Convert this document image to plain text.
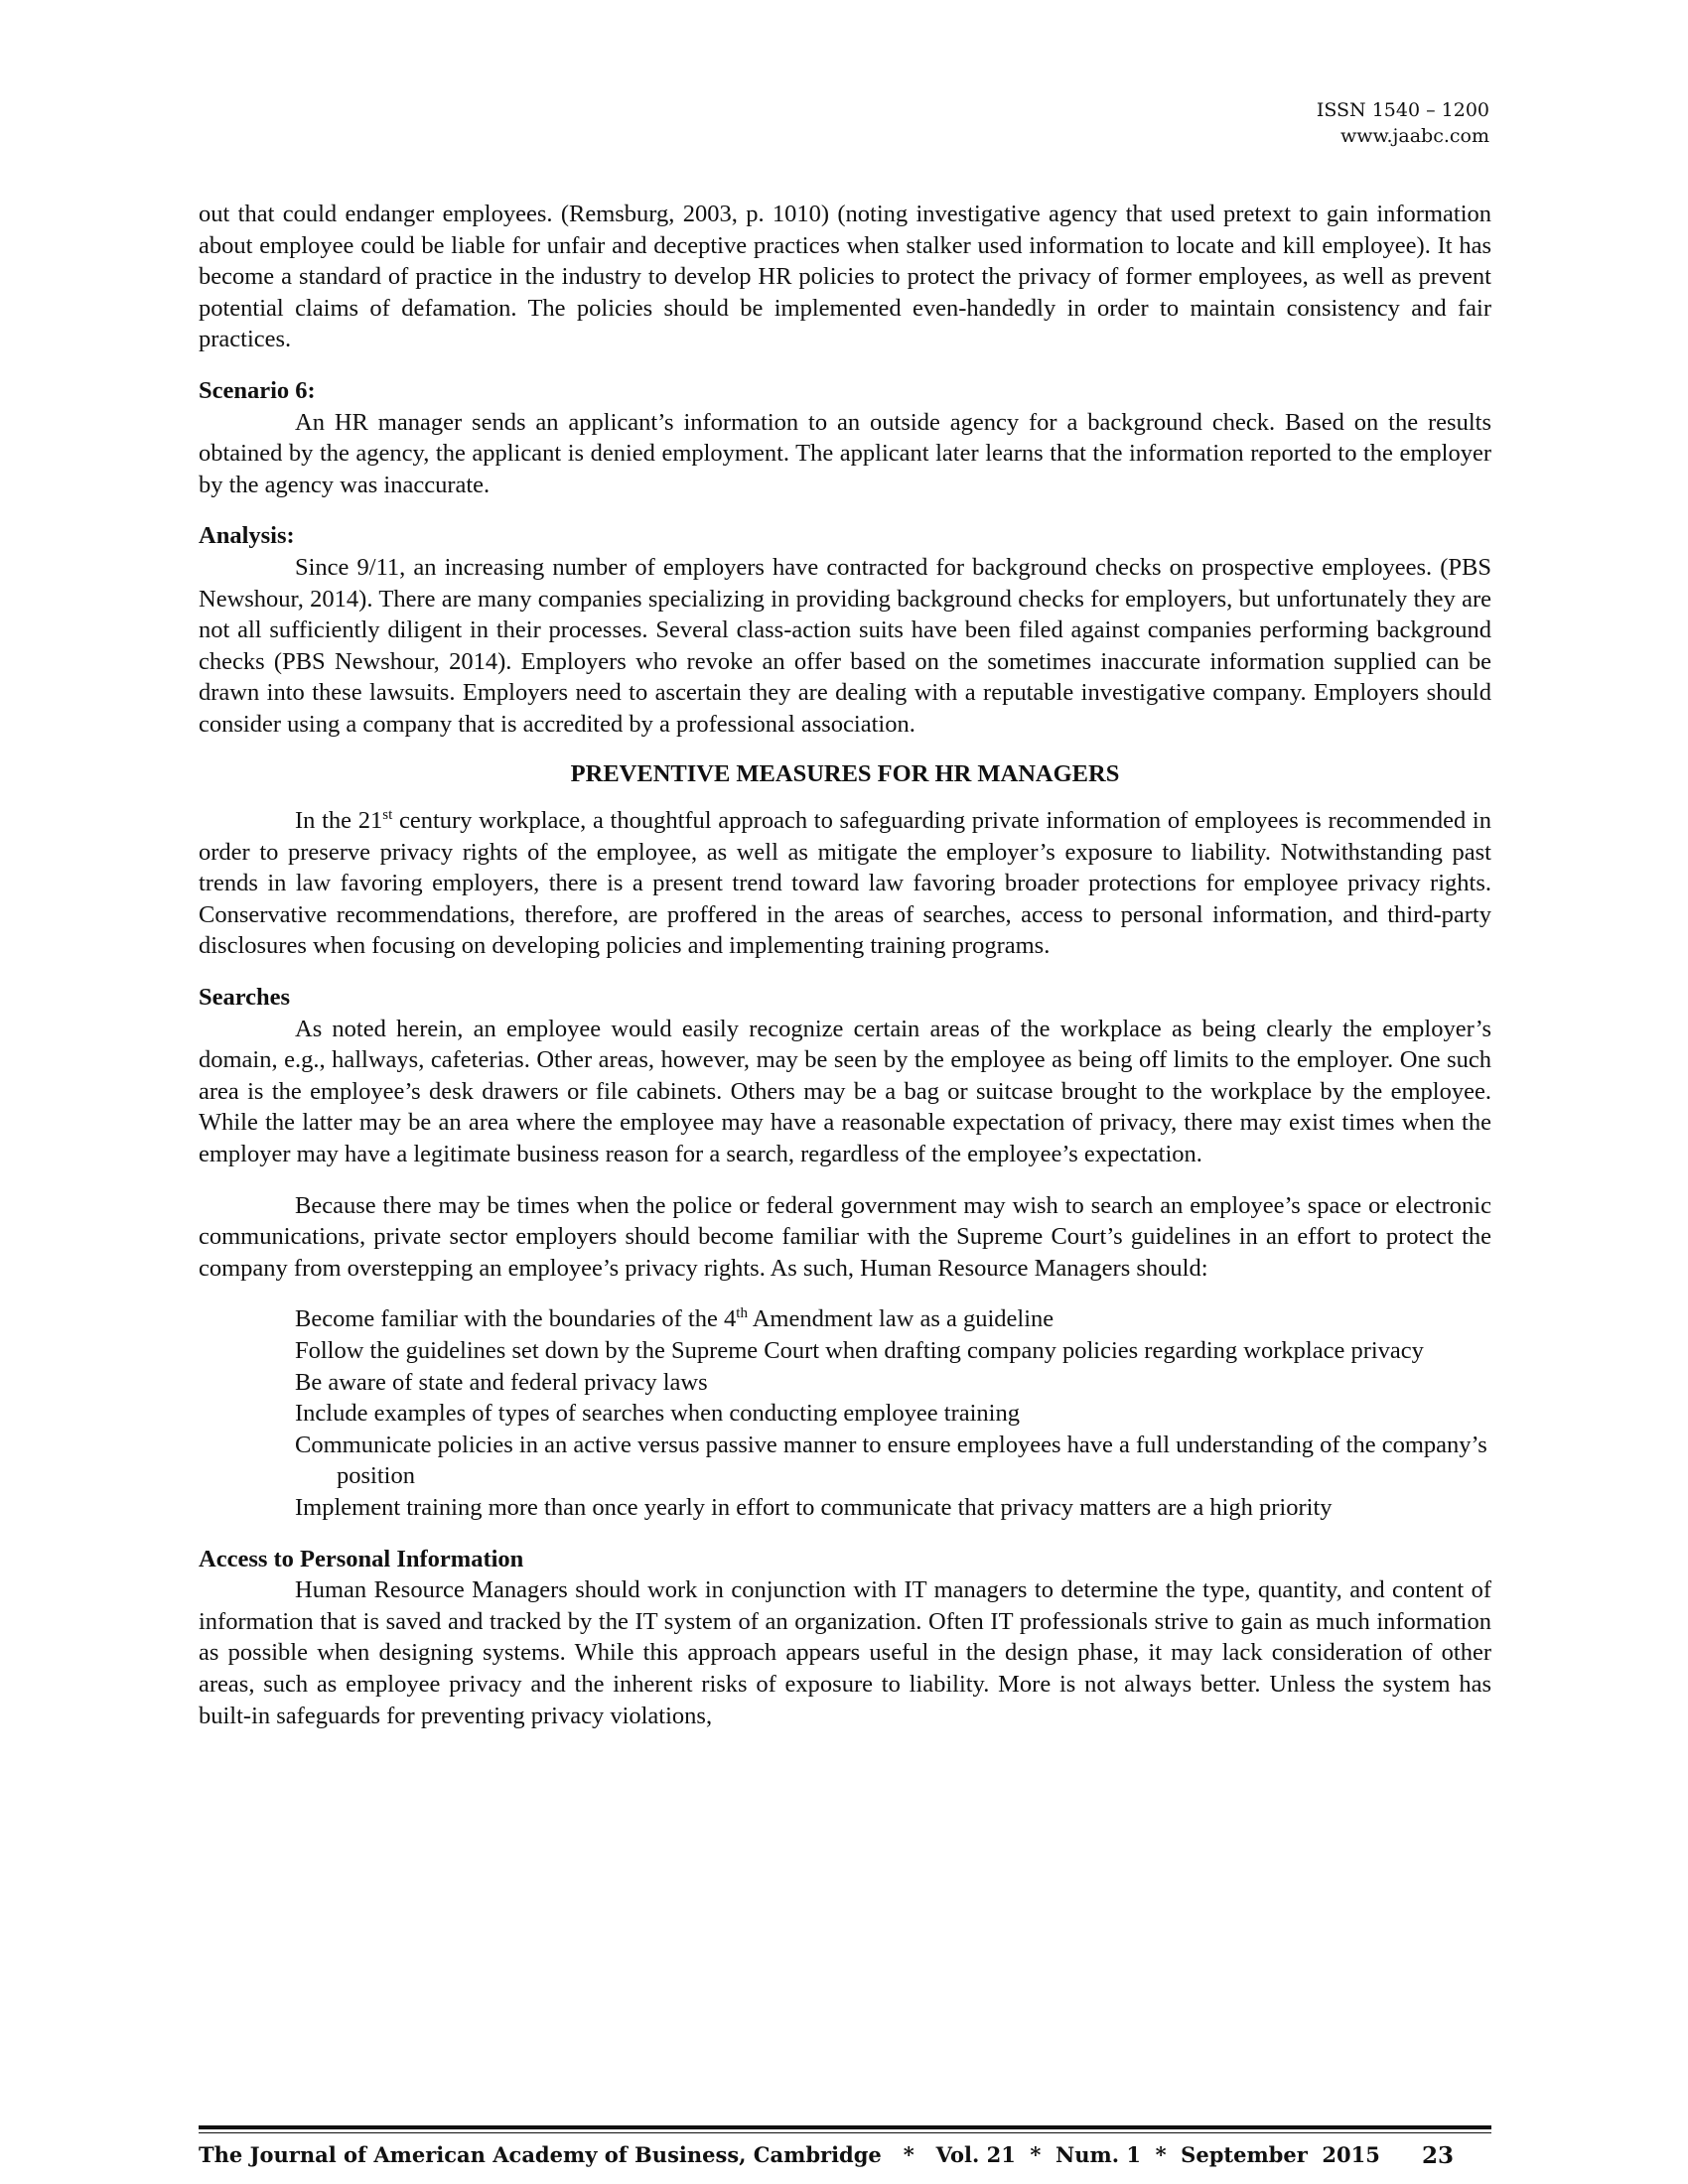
ISSN 1540 – 1200
www.jaabc.com

out that could endanger employees. (Remsburg, 2003, p. 1010) (noting investigative agency that used pretext to gain information about employee could be liable for unfair and deceptive practices when stalker used information to locate and kill employee). It has become a standard of practice in the industry to develop HR policies to protect the privacy of former employees, as well as prevent potential claims of defamation. The policies should be implemented even-handedly in order to maintain consistency and fair practices.

Scenario 6:

An HR manager sends an applicant’s information to an outside agency for a background check. Based on the results obtained by the agency, the applicant is denied employment. The applicant later learns that the information reported to the employer by the agency was inaccurate.

Analysis:

Since 9/11, an increasing number of employers have contracted for background checks on prospective employees. (PBS Newshour, 2014). There are many companies specializing in providing background checks for employers, but unfortunately they are not all sufficiently diligent in their processes. Several class-action suits have been filed against companies performing background checks (PBS Newshour, 2014). Employers who revoke an offer based on the sometimes inaccurate information supplied can be drawn into these lawsuits. Employers need to ascertain they are dealing with a reputable investigative company. Employers should consider using a company that is accredited by a professional association.

PREVENTIVE MEASURES FOR HR MANAGERS

In the 21st century workplace, a thoughtful approach to safeguarding private information of employees is recommended in order to preserve privacy rights of the employee, as well as mitigate the employer’s exposure to liability. Notwithstanding past trends in law favoring employers, there is a present trend toward law favoring broader protections for employee privacy rights. Conservative recommendations, therefore, are proffered in the areas of searches, access to personal information, and third-party disclosures when focusing on developing policies and implementing training programs.

Searches

As noted herein, an employee would easily recognize certain areas of the workplace as being clearly the employer’s domain, e.g., hallways, cafeterias. Other areas, however, may be seen by the employee as being off limits to the employer. One such area is the employee’s desk drawers or file cabinets. Others may be a bag or suitcase brought to the workplace by the employee. While the latter may be an area where the employee may have a reasonable expectation of privacy, there may exist times when the employer may have a legitimate business reason for a search, regardless of the employee’s expectation.

Because there may be times when the police or federal government may wish to search an employee’s space or electronic communications, private sector employers should become familiar with the Supreme Court’s guidelines in an effort to protect the company from overstepping an employee’s privacy rights. As such, Human Resource Managers should:

Become familiar with the boundaries of the 4th Amendment law as a guideline
Follow the guidelines set down by the Supreme Court when drafting company policies regarding workplace privacy
Be aware of state and federal privacy laws
Include examples of types of searches when conducting employee training
Communicate policies in an active versus passive manner to ensure employees have a full understanding of the company’s position
Implement training more than once yearly in effort to communicate that privacy matters are a high priority
Access to Personal Information

Human Resource Managers should work in conjunction with IT managers to determine the type, quantity, and content of information that is saved and tracked by the IT system of an organization. Often IT professionals strive to gain as much information as possible when designing systems. While this approach appears useful in the design phase, it may lack consideration of other areas, such as employee privacy and the inherent risks of exposure to liability. More is not always better. Unless the system has built-in safeguards for preventing privacy violations,

The Journal of American Academy of Business, Cambridge   *   Vol. 21  *  Num. 1  *  September  2015 23
